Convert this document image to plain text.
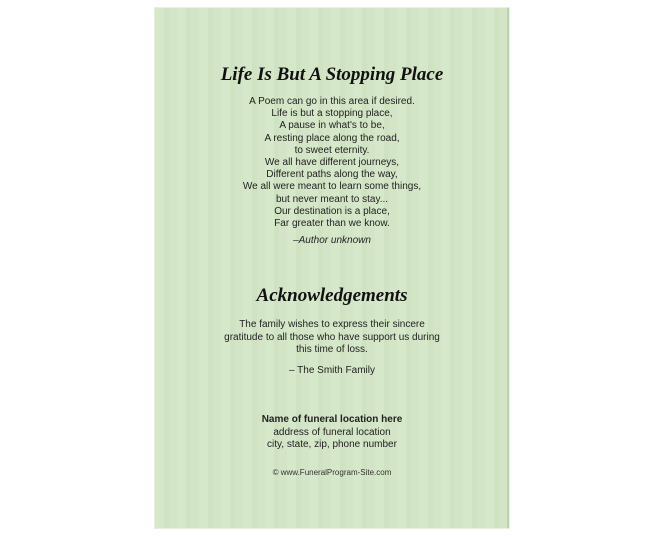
Life Is But A Stopping Place
A Poem can go in this area if desired.
Life is but a stopping place,
A pause in what's to be,
A resting place along the road,
to sweet eternity.
We all have different journeys,
Different paths along the way,
We all were meant to learn some things,
but never meant to stay...
Our destination is a place,
Far greater than we know.
–Author unknown
Acknowledgements
The family wishes to express their sincere
gratitude to all those who have support us during
this time of loss.
– The Smith Family
Name of funeral location here
address of funeral location
city, state, zip, phone number
© www.FuneralProgram-Site.com
